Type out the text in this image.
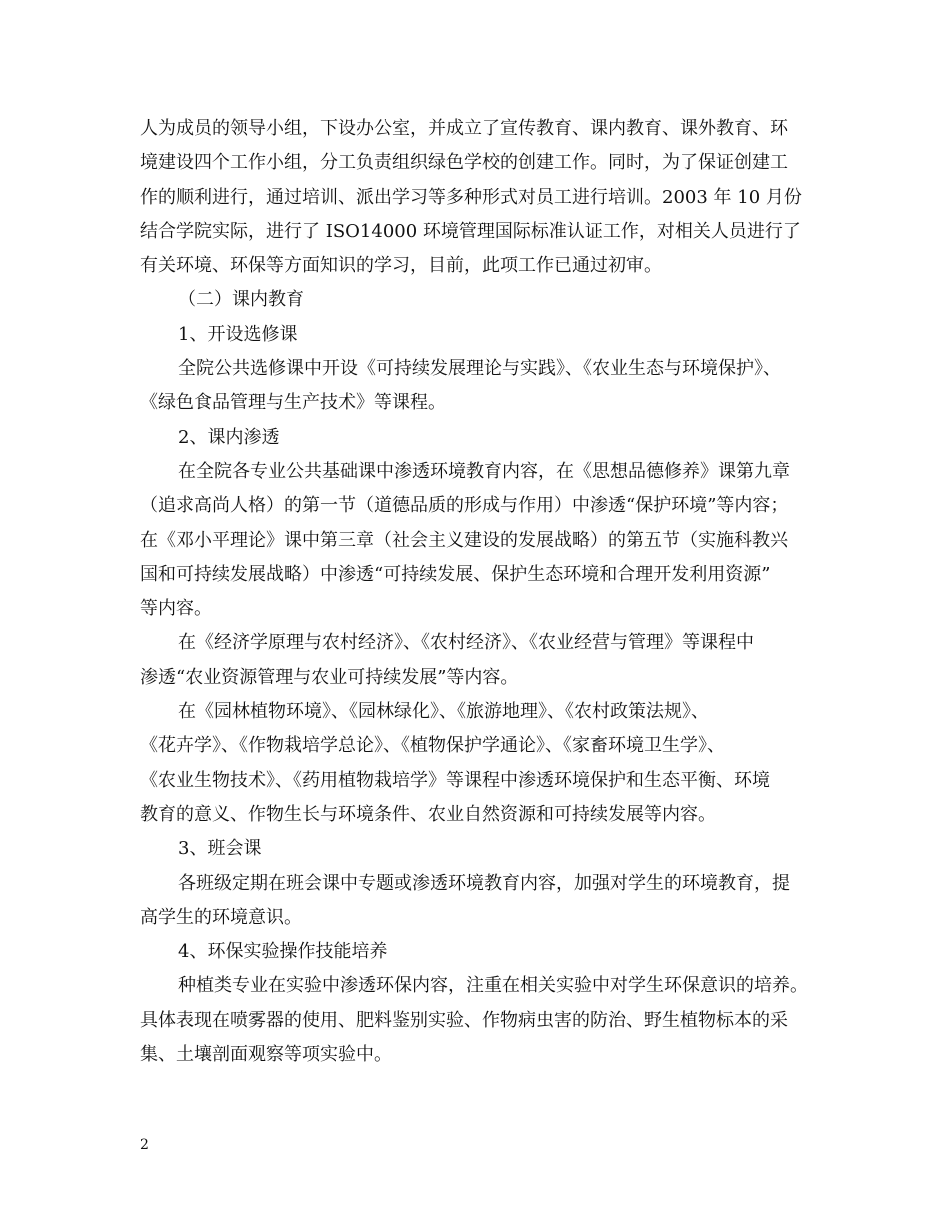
人为成员的领导小组，下设办公室，并成立了宣传教育、课内教育、课外教育、环
境建设四个工作小组，分工负责组织绿色学校的创建工作。同时，为了保证创建工
作的顺利进行，通过培训、派出学习等多种形式对员工进行培训。2003 年 10 月份
结合学院实际，进行了 ISO14000 环境管理国际标准认证工作，对相关人员进行了
有关环境、环保等方面知识的学习，目前，此项工作已通过初审。
（二）课内教育
1、开设选修课
全院公共选修课中开设《可持续发展理论与实践》、《农业生态与环境保护》、
《绿色食品管理与生产技术》等课程。
2、课内渗透
在全院各专业公共基础课中渗透环境教育内容，在《思想品德修养》课第九章
（追求高尚人格）的第一节（道德品质的形成与作用）中渗透“保护环境”等内容；
在《邓小平理论》课中第三章（社会主义建设的发展战略）的第五节（实施科教兴
国和可持续发展战略）中渗透“可持续发展、保护生态环境和合理开发利用资源”
等内容。
在《经济学原理与农村经济》、《农村经济》、《农业经营与管理》等课程中
渗透“农业资源管理与农业可持续发展”等内容。
在《园林植物环境》、《园林绿化》、《旅游地理》、《农村政策法规》、
《花卉学》、《作物栽培学总论》、《植物保护学通论》、《家畜环境卫生学》、
《农业生物技术》、《药用植物栽培学》等课程中渗透环境保护和生态平衡、环境
教育的意义、作物生长与环境条件、农业自然资源和可持续发展等内容。
3、班会课
各班级定期在班会课中专题或渗透环境教育内容，加强对学生的环境教育，提
高学生的环境意识。
4、环保实验操作技能培养
种植类专业在实验中渗透环保内容，注重在相关实验中对学生环保意识的培养。
具体表现在喷雾器的使用、肥料鉴别实验、作物病虫害的防治、野生植物标本的采
集、土壤剖面观察等项实验中。
2
